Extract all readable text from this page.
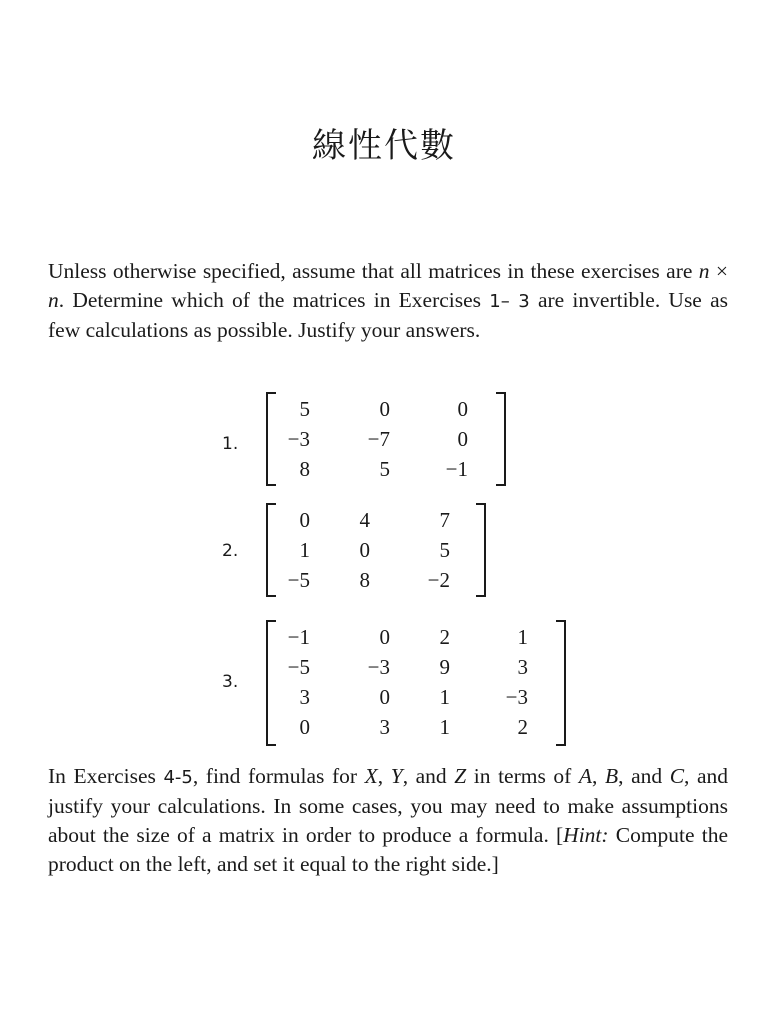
線性代數
Unless otherwise specified, assume that all matrices in these exercises are n × n. Determine which of the matrices in Exercises 1– 3 are invertible. Use as few calculations as possible. Justify your answers.
1.
5	0	0
−3	−7	0
8	5	−1
2.
0	4	7
1	0	5
−5	8	−2
3.
−1	0	2	1
−5	−3	9	3
3	0	1	−3
0	3	1	2
In Exercises 4-5, find formulas for X, Y, and Z in terms of A, B, and C, and justify your calculations. In some cases, you may need to make assumptions about the size of a matrix in order to produce a formula. [Hint: Compute the product on the left, and set it equal to the right side.]
